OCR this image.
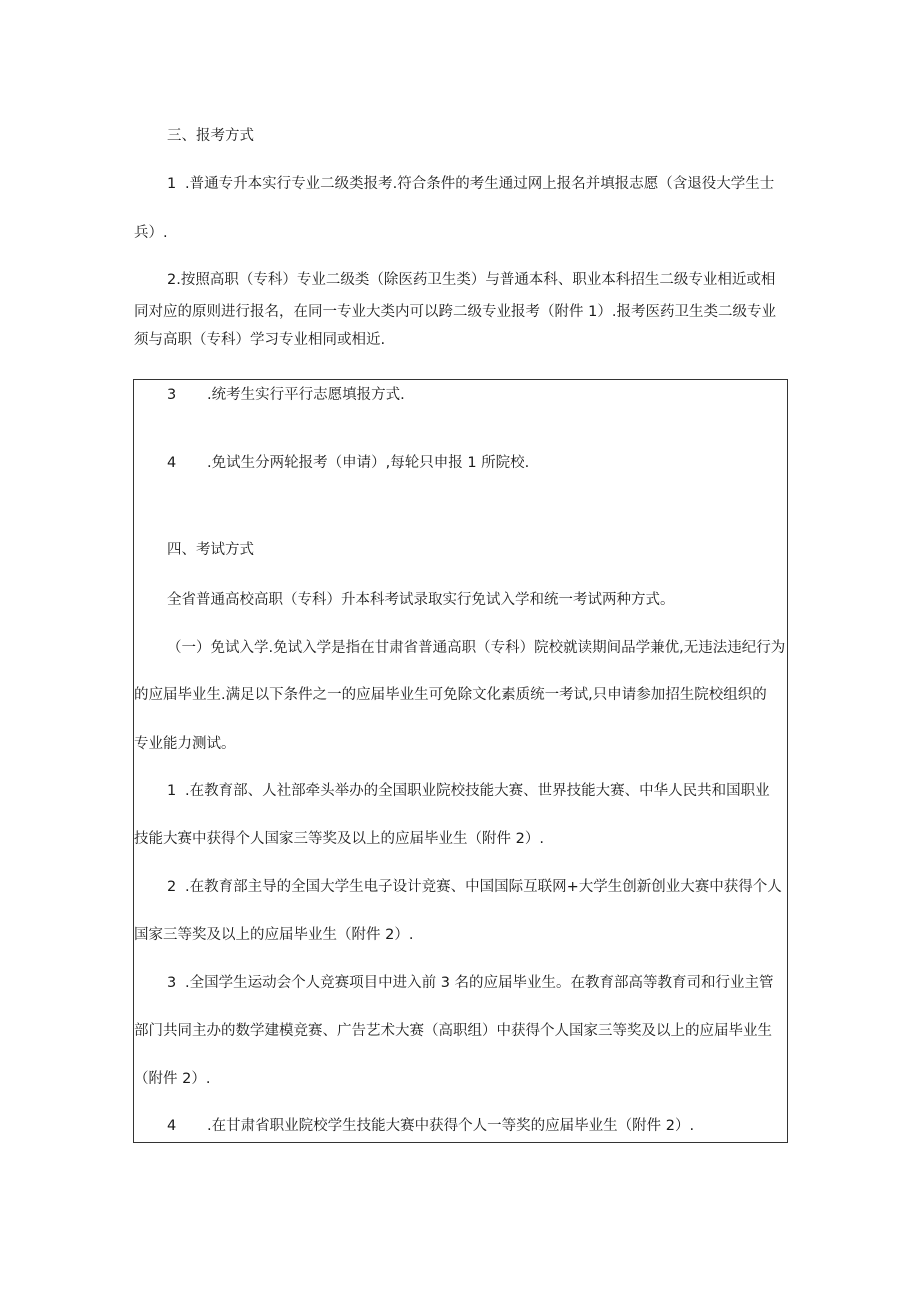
三、报考方式
1 .普通专升本实行专业二级类报考.符合条件的考生通过网上报名并填报志愿（含退役大学生士
兵）.
2.按照高职（专科）专业二级类（除医药卫生类）与普通本科、职业本科招生二级专业相近或相
同对应的原则进行报名，在同一专业大类内可以跨二级专业报考（附件 1）.报考医药卫生类二级专业
须与高职（专科）学习专业相同或相近.
3 .统考生实行平行志愿填报方式.
4 .免试生分两轮报考（申请）,每轮只申报 1 所院校.
四、考试方式
全省普通高校高职（专科）升本科考试录取实行免试入学和统一考试两种方式。
（一）免试入学.免试入学是指在甘肃省普通高职（专科）院校就读期间品学兼优,无违法违纪行为
的应届毕业生.满足以下条件之一的应届毕业生可免除文化素质统一考试,只申请参加招生院校组织的
专业能力测试。
1 .在教育部、人社部牵头举办的全国职业院校技能大赛、世界技能大赛、中华人民共和国职业
技能大赛中获得个人国家三等奖及以上的应届毕业生（附件 2）.
2 .在教育部主导的全国大学生电子设计竞赛、中国国际互联网+大学生创新创业大赛中获得个人
国家三等奖及以上的应届毕业生（附件 2）.
3 .全国学生运动会个人竞赛项目中进入前 3 名的应届毕业生。在教育部高等教育司和行业主管
部门共同主办的数学建模竞赛、广告艺术大赛（高职组）中获得个人国家三等奖及以上的应届毕业生
（附件 2）.
4 .在甘肃省职业院校学生技能大赛中获得个人一等奖的应届毕业生（附件 2）.
